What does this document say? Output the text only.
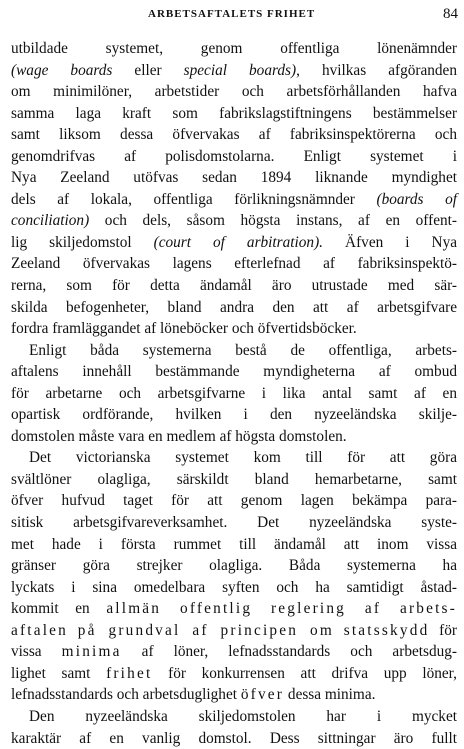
ARBETSAFTALETS FRIHET	84
utbildade systemet, genom offentliga lönenämnder
(wage boards eller special boards), hvilkas afgöranden
om minimilöner, arbetstider och arbetsförhållanden hafva
samma laga kraft som fabrikslagstiftningens bestämmelser
samt liksom dessa öfvervakas af fabriksinspektörerna och
genomdrifvas af polisdomstolarna. Enligt systemet i
Nya Zeeland utöfvas sedan 1894 liknande myndighet
dels af lokala, offentliga förlikningsnämnder (boards of
conciliation) och dels, såsom högsta instans, af en offent-
lig skiljedomstol (court of arbitration). Äfven i Nya
Zeeland öfvervakas lagens efterlefnad af fabriksinspektö-
rerna, som för detta ändamål äro utrustade med sär-
skilda befogenheter, bland andra den att af arbetsgifvare
fordra framläggandet af löneböcker och öfvertidsböcker.
Enligt båda systemerna bestå de offentliga, arbets-
aftalens innehåll bestämmande myndigheterna af ombud
för arbetarne och arbetsgifvarne i lika antal samt af en
opartisk ordförande, hvilken i den nyzeeländska skilje-
domstolen måste vara en medlem af högsta domstolen.
Det victorianska systemet kom till för att göra
svältlöner olagliga, särskildt bland hemarbetarne, samt
öfver hufvud taget för att genom lagen bekämpa para-
sitisk arbetsgifvareverksamhet. Det nyzeeländska syste-
met hade i första rummet till ändamål att inom vissa
gränser göra strejker olagliga. Båda systemerna ha
lyckats i sina omedelbara syften och ha samtidigt åstad-
kommit en allmän offentlig reglering af arbets-
aftalen på grundval af principen om statsskydd för
vissa minima af löner, lefnadsstandards och arbetsdug-
lighet samt frihet för konkurrensen att drifva upp löner,
lefnadsstandards och arbetsduglighet öfver dessa minima.
Den nyzeeländska skiljedomstolen har i mycket
karaktär af en vanlig domstol. Dess sittningar äro fullt
